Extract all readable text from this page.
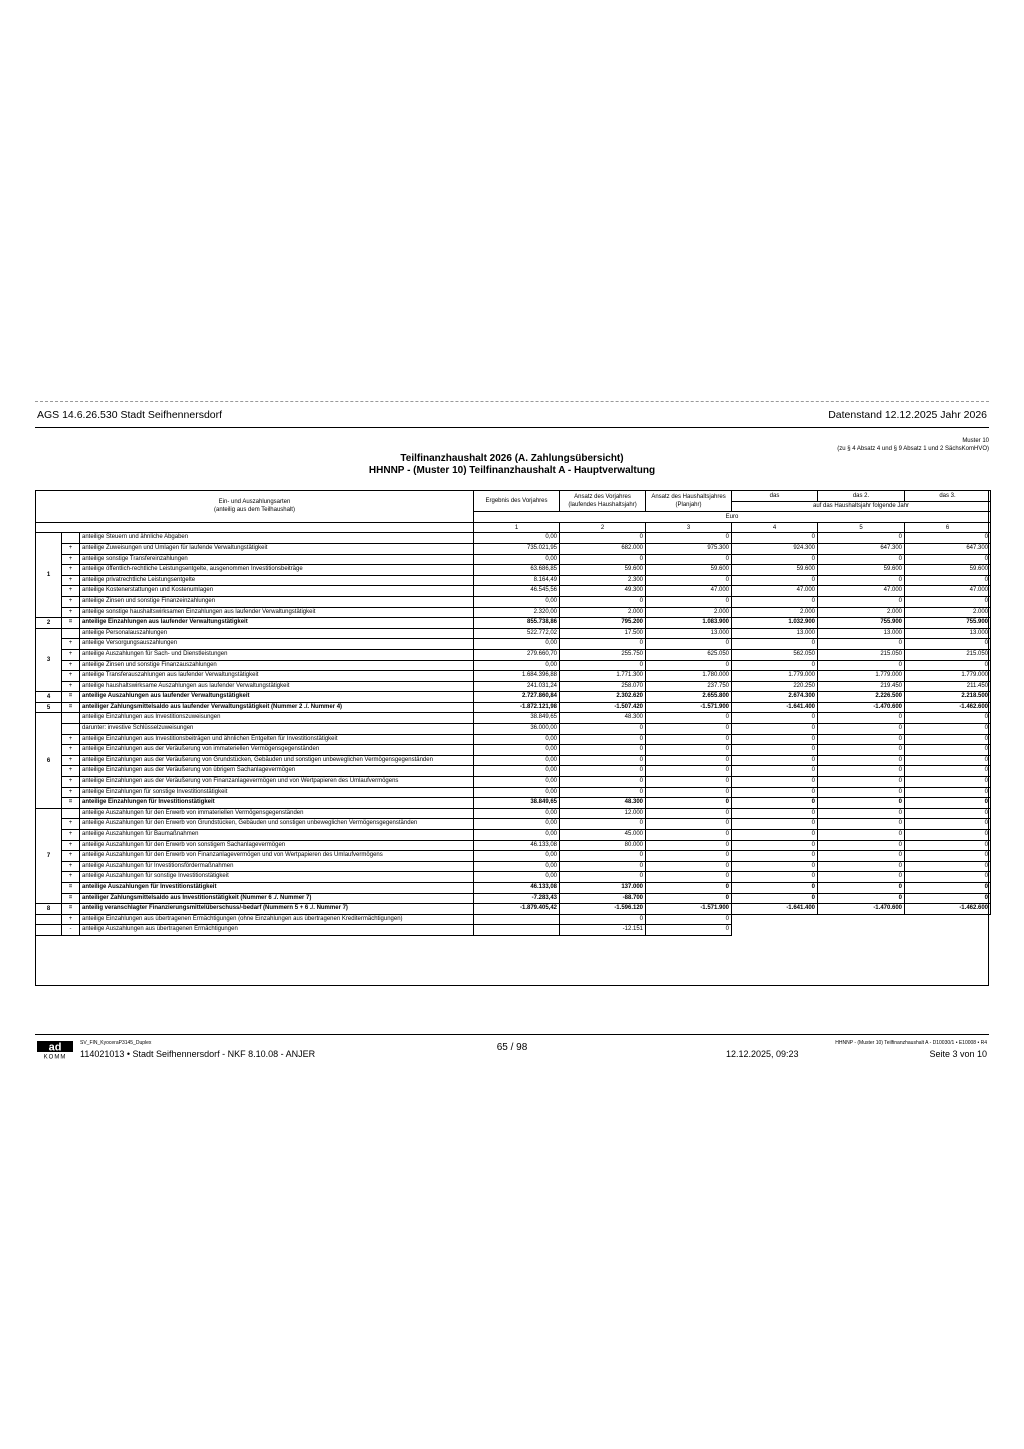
AGS 14.6.26.530 Stadt Seifhennersdorf	Datenstand 12.12.2025 Jahr 2026
Muster 10
(zu § 4 Absatz 4 und § 9 Absatz 1 und 2 SächsKomHVO)
Teilfinanzhaushalt 2026 (A. Zahlungsübersicht)
HHNNP - (Muster 10) Teilfinanzhaushalt A - Hauptverwaltung
Ein- und Auszahlungsarten
(anteilig aus dem Teilhaushalt)			Ergebnis des Vorjahres	Ansatz des Vorjahres (laufendes Haushaltsjahr)	Ansatz des Haushaltsjahres (Planjahr)	das	das 2.	das 3.
						auf das Haushaltsjahr folgende Jahr		
			Euro					
			1	2	3	4	5	6
1		anteilige Steuern und ähnliche Abgaben	0,00	0	0	0	0	0
	+	anteilige Zuweisungen und Umlagen für laufende Verwaltungstätigkeit	735.021,95	682.000	975.300	924.300	647.300	647.300
	+	anteilige sonstige Transfereinzahlungen	0,00	0	0	0	0	0
	+	anteilige öffentlich-rechtliche Leistungsentgelte, ausgenommen Investitionsbeiträge	63.686,85	59.600	59.600	59.600	59.600	59.600
	+	anteilige privatrechtliche Leistungsentgelte	8.164,49	2.300	0	0	0	0
	+	anteilige Kostenerstattungen und Kostenumlagen	46.545,56	49.300	47.000	47.000	47.000	47.000
	+	anteilige Zinsen und sonstige Finanzeinzahlungen	0,00	0	0	0	0	0
	+	anteilige sonstige haushaltswirksamen Einzahlungen aus laufender Verwaltungstätigkeit	2.320,00	2.000	2.000	2.000	2.000	2.000
2	=	anteilige Einzahlungen aus laufender Verwaltungstätigkeit	855.738,86	795.200	1.083.900	1.032.900	755.900	755.900
3		anteilige Personalauszahlungen	522.772,02	17.500	13.000	13.000	13.000	13.000
	+	anteilige Versorgungsauszahlungen	0,00	0	0	0	0	0
	+	anteilige Auszahlungen für Sach- und Dienstleistungen	279.660,70	255.750	625.050	562.050	215.050	215.050
	+	anteilige Zinsen und sonstige Finanzauszahlungen	0,00	0	0	0	0	0
	+	anteilige Transferauszahlungen aus laufender Verwaltungstätigkeit	1.684.396,88	1.771.300	1.780.000	1.779.000	1.779.000	1.779.000
	+	anteilige haushaltswirksame Auszahlungen aus laufender Verwaltungstätigkeit	241.031,24	258.070	237.750	220.250	219.450	211.450
4	=	anteilige Auszahlungen aus laufender Verwaltungstätigkeit	2.727.860,84	2.302.620	2.655.800	2.674.300	2.226.500	2.218.500
5	=	anteiliger Zahlungsmittelsaldo aus laufender Verwaltungstätigkeit (Nummer 2 ./. Nummer 4)	-1.872.121,98	-1.507.420	-1.571.900	-1.641.400	-1.470.600	-1.462.600
6		anteilige Einzahlungen aus Investitionszuweisungen	38.849,65	48.300	0	0	0	0
		darunter: investive Schlüsselzuweisungen	36.000,00	0	0	0	0	0
	+	anteilige Einzahlungen aus Investitionsbeiträgen und ähnlichen Entgelten für Investitionstätigkeit	0,00	0	0	0	0	0
	+	anteilige Einzahlungen aus der Veräußerung von immateriellen Vermögensgegenständen	0,00	0	0	0	0	0
	+	anteilige Einzahlungen aus der Veräußerung von Grundstücken, Gebäuden und sonstigen unbeweglichen Vermögensgegenständen	0,00	0	0	0	0	0
	+	anteilige Einzahlungen aus der Veräußerung von übrigem Sachanlagevermögen	0,00	0	0	0	0	0
	+	anteilige Einzahlungen aus der Veräußerung von Finanzanlagevermögen und von Wertpapieren des Umlaufvermögens	0,00	0	0	0	0	0
	+	anteilige Einzahlungen für sonstige Investitionstätigkeit	0,00	0	0	0	0	0
	=	anteilige Einzahlungen für Investitionstätigkeit	38.849,65	48.300	0	0	0	0
7		anteilige Auszahlungen für den Erwerb von immateriellen Vermögensgegenständen	0,00	12.000	0	0	0	0
	+	anteilige Auszahlungen für den Erwerb von Grundstücken, Gebäuden und sonstigen unbeweglichen Vermögensgegenständen	0,00	0	0	0	0	0
	+	anteilige Auszahlungen für Baumaßnahmen	0,00	45.000	0	0	0	0
	+	anteilige Auszahlungen für den Erwerb von sonstigem Sachanlagevermögen	46.133,08	80.000	0	0	0	0
	+	anteilige Auszahlungen für den Erwerb von Finanzanlagevermögen und von Wertpapieren des Umlaufvermögens	0,00	0	0	0	0	0
	+	anteilige Auszahlungen für Investitionsfördermaßnahmen	0,00	0	0	0	0	0
	+	anteilige Auszahlungen für sonstige Investitionstätigkeit	0,00	0	0	0	0	0
	=	anteilige Auszahlungen für Investitionstätigkeit	46.133,08	137.000	0	0	0	0
	=	anteiliger Zahlungsmittelsaldo aus Investitionstätigkeit (Nummer 6 ./. Nummer 7)	-7.283,43	-88.700	0	0	0	0
8	=	anteilig veranschlagter Finanzierungsmittelüberschuss/-bedarf (Nummern 5 + 6 ./. Nummer 7)	-1.879.405,42	-1.596.120	-1.571.900	-1.641.400	-1.470.600	-1.462.600
	+	anteilige Einzahlungen aus übertragenen Ermächtigungen (ohne Einzahlungen aus übertragenen Kreditermächtigungen)		0	0			
	-	anteilige Auszahlungen aus übertragenen Ermächtigungen		-12.151	0			
ad
KOMM
SV_FIN_KyoceraP3145_Duplex
114021013 • Stadt Seifhennersdorf - NKF 8.10.08 - ANJER
65 / 98
12.12.2025, 09:23
HHNNP - (Muster 10) Teilfinanzhaushalt A - D10030/1 • E10008 • R4
Seite 3 von 10
